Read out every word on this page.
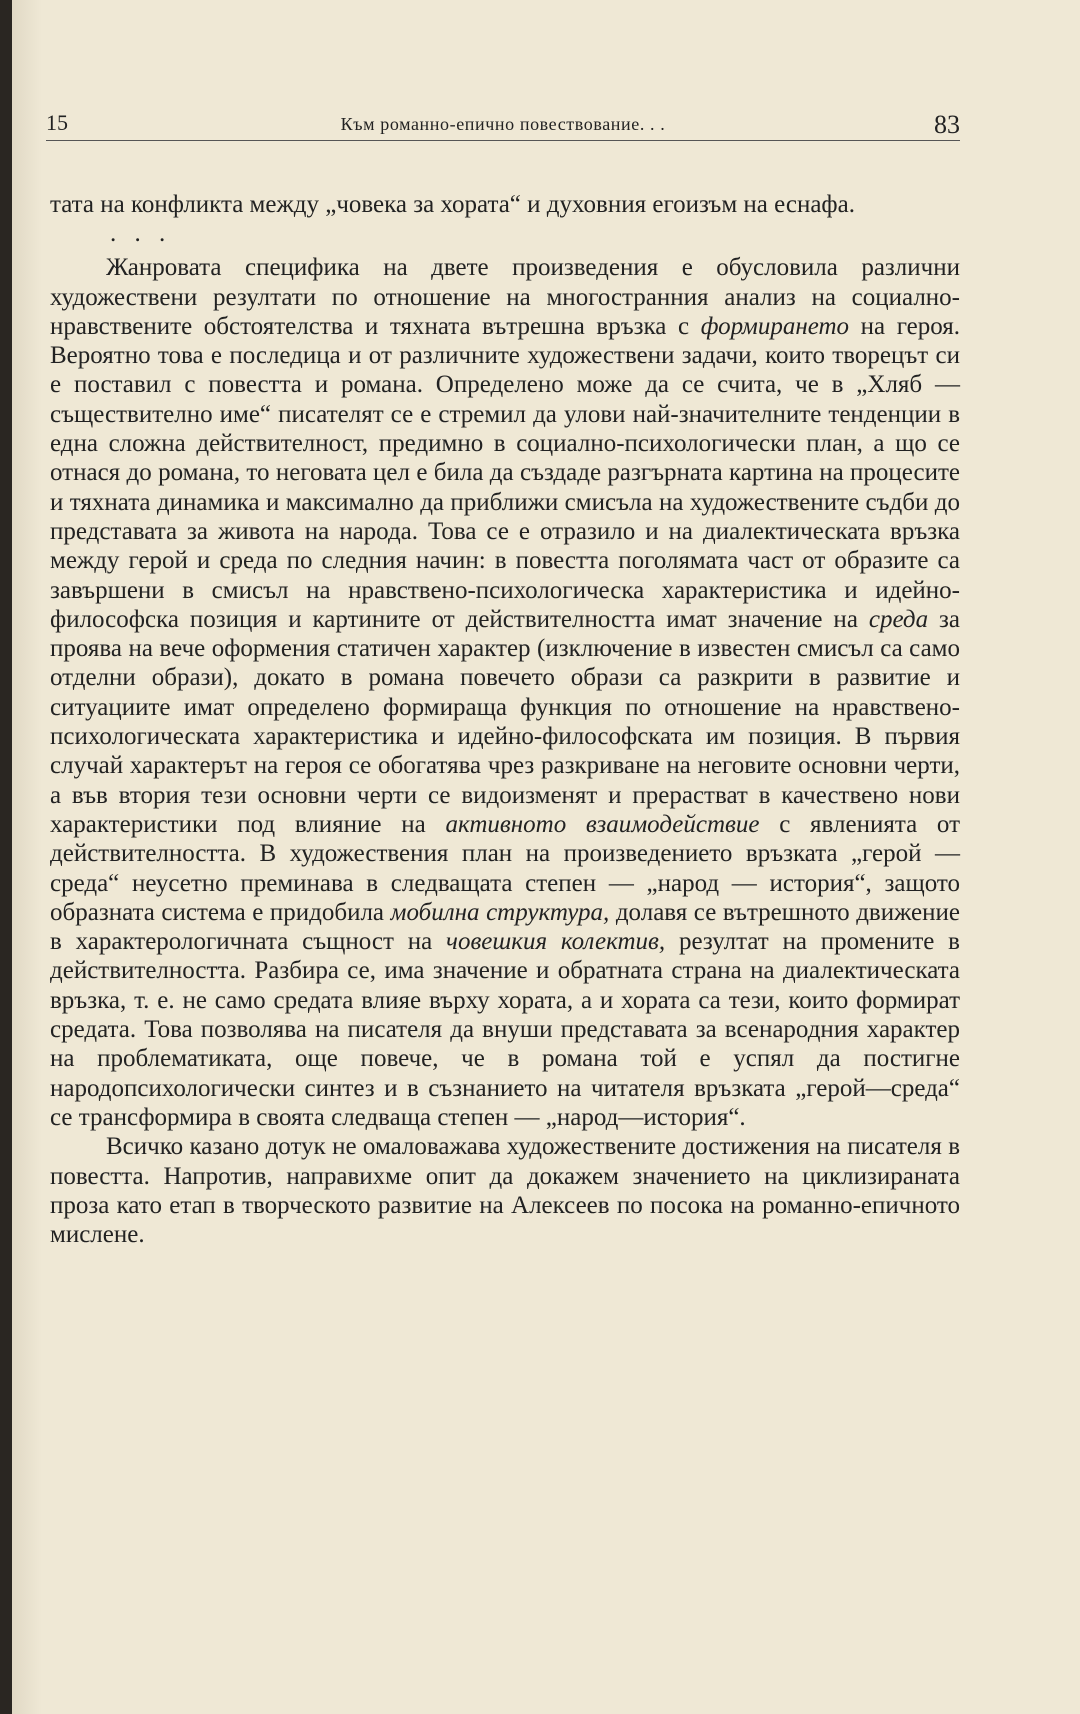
15	Към романно-епично повествование. . .	83

тата на конфликта между „човека за хората“ и духовния егоизъм на еснафа.

. . .

Жанровата специфика на двете произведения е обусловила различни художествени резултати по отношение на многостранния анализ на социално-нравствените обстоятелства и тяхната вътрешна връзка с формирането на героя. Вероятно това е последица и от различните художествени задачи, които творецът си е поставил с повестта и романа. Определено може да се счита, че в „Хляб — съществително име“ писателят се е стремил да улови най-значителните тенденции в една сложна действителност, предимно в социално-психологически план, а що се отнася до романа, то неговата цел е била да създаде разгърната картина на процесите и тяхната динамика и максимално да приближи смисъла на художествените съдби до представата за живота на народа. Това се е отразило и на диалектическата връзка между герой и среда по следния начин: в повестта поголямата част от образите са завършени в смисъл на нравствено-психологическа характеристика и идейно-философска позиция и картините от действителността имат значение на среда за проява на вече оформения статичен характер (изключение в известен смисъл са само отделни образи), докато в романа повечето образи са разкрити в развитие и ситуациите имат определено формираща функция по отношение на нравствено-психологическата характеристика и идейно-философската им позиция. В първия случай характерът на героя се обогатява чрез разкриване на неговите основни черти, а във втория тези основни черти се видоизменят и прерастват в качествено нови характеристики под влияние на активното взаимодействие с явленията от действителността. В художествения план на произведението връзката „герой — среда“ неусетно преминава в следващата степен — „народ — история“, защото образната система е придобила мобилна структура, долавя се вътрешното движение в характерологичната същност на човешкия колектив, резултат на промените в действителността. Разбира се, има значение и обратната страна на диалектическата връзка, т. е. не само средата влияе върху хората, а и хората са тези, които формират средата. Това позволява на писателя да внуши представата за всенародния характер на проблематиката, още повече, че в романа той е успял да постигне народопсихологически синтез и в съзнанието на читателя връзката „герой—среда“ се трансформира в своята следваща степен — „народ—история“.

Всичко казано дотук не омаловажава художествените достижения на писателя в повестта. Напротив, направихме опит да докажем значението на циклизираната проза като етап в творческото развитие на Алексеев по посока на романно-епичното мислене.
